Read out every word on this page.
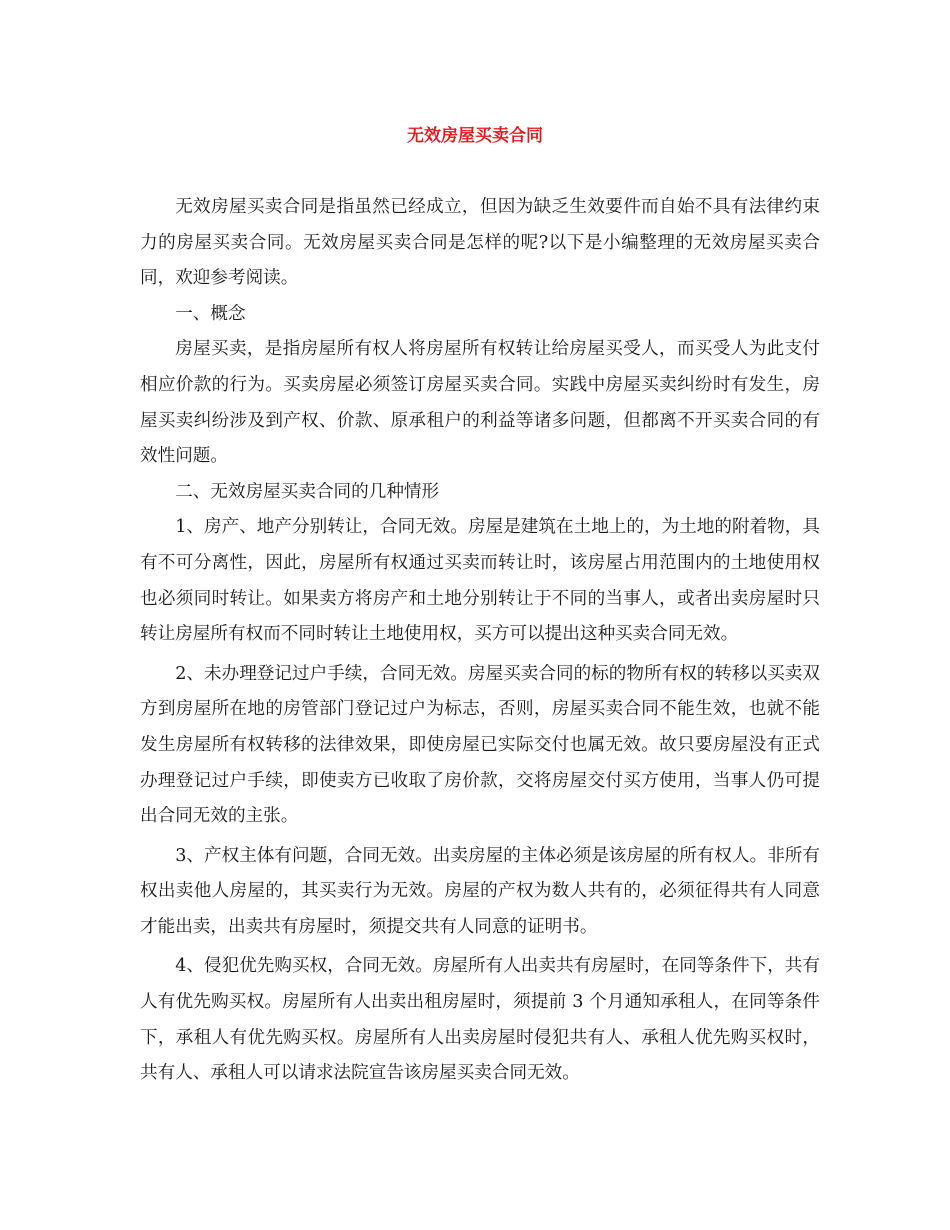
无效房屋买卖合同

无效房屋买卖合同是指虽然已经成立，但因为缺乏生效要件而自始不具有法律约束力的房屋买卖合同。无效房屋买卖合同是怎样的呢?以下是小编整理的无效房屋买卖合同，欢迎参考阅读。

一、概念

房屋买卖，是指房屋所有权人将房屋所有权转让给房屋买受人，而买受人为此支付相应价款的行为。买卖房屋必须签订房屋买卖合同。实践中房屋买卖纠纷时有发生，房屋买卖纠纷涉及到产权、价款、原承租户的利益等诸多问题，但都离不开买卖合同的有效性问题。

二、无效房屋买卖合同的几种情形

1、房产、地产分别转让，合同无效。房屋是建筑在土地上的，为土地的附着物，具有不可分离性，因此，房屋所有权通过买卖而转让时，该房屋占用范围内的土地使用权也必须同时转让。如果卖方将房产和土地分别转让于不同的当事人，或者出卖房屋时只转让房屋所有权而不同时转让土地使用权，买方可以提出这种买卖合同无效。

2、未办理登记过户手续，合同无效。房屋买卖合同的标的物所有权的转移以买卖双方到房屋所在地的房管部门登记过户为标志，否则，房屋买卖合同不能生效，也就不能发生房屋所有权转移的法律效果，即使房屋已实际交付也属无效。故只要房屋没有正式办理登记过户手续，即使卖方已收取了房价款，交将房屋交付买方使用，当事人仍可提出合同无效的主张。

3、产权主体有问题，合同无效。出卖房屋的主体必须是该房屋的所有权人。非所有权出卖他人房屋的，其买卖行为无效。房屋的产权为数人共有的，必须征得共有人同意才能出卖，出卖共有房屋时，须提交共有人同意的证明书。

4、侵犯优先购买权，合同无效。房屋所有人出卖共有房屋时，在同等条件下，共有人有优先购买权。房屋所有人出卖出租房屋时，须提前 3 个月通知承租人，在同等条件下，承租人有优先购买权。房屋所有人出卖房屋时侵犯共有人、承租人优先购买权时，共有人、承租人可以请求法院宣告该房屋买卖合同无效。
